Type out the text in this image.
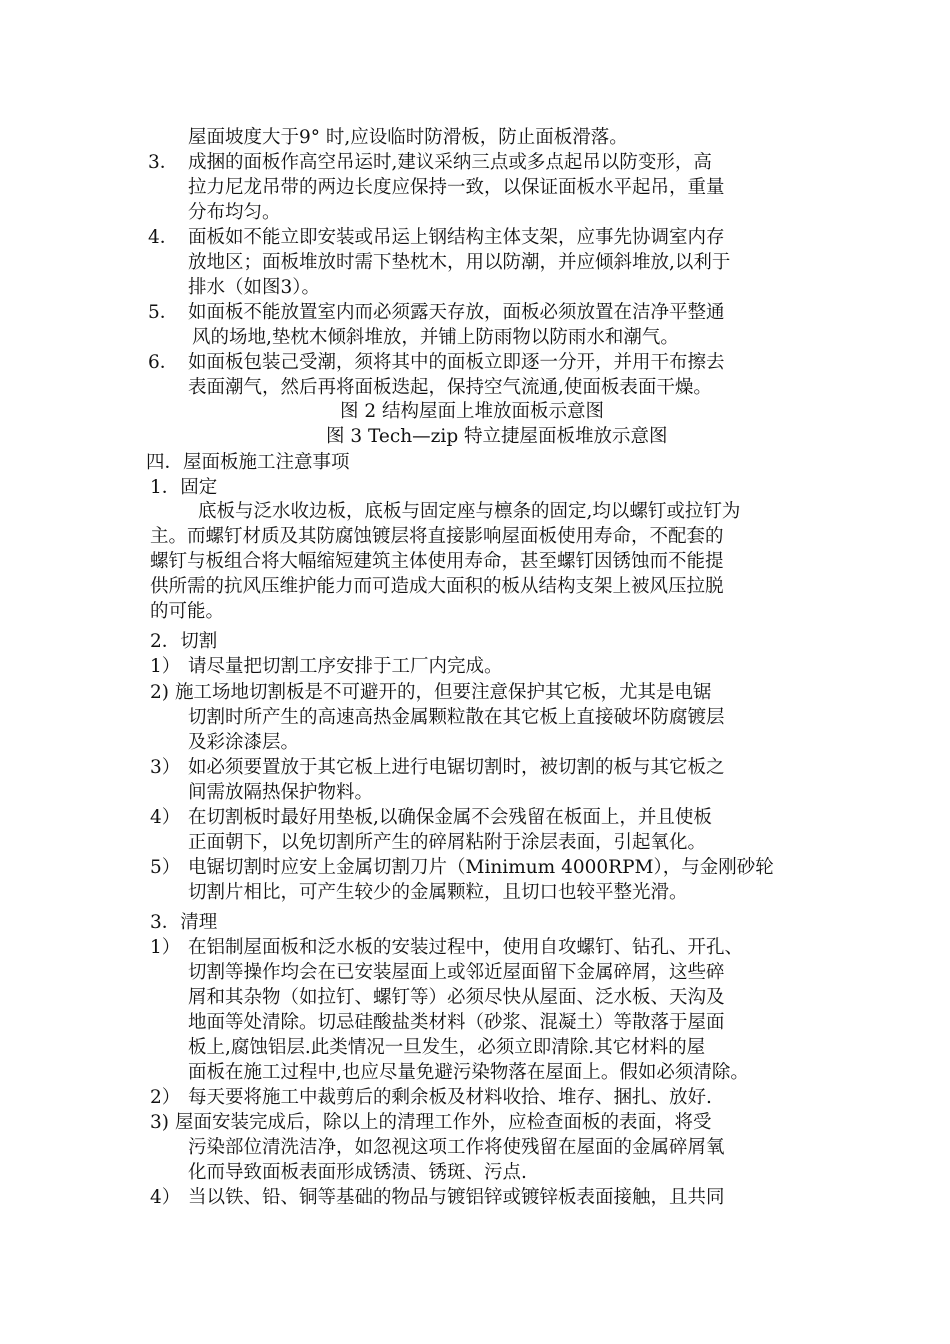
屋面坡度大于9° 时,应设临时防滑板，防止面板滑落。
3． 成捆的面板作高空吊运时,建议采纳三点或多点起吊以防变形，高
拉力尼龙吊带的两边长度应保持一致，以保证面板水平起吊，重量
分布均匀。
4． 面板如不能立即安装或吊运上钢结构主体支架，应事先协调室内存
放地区；面板堆放时需下垫枕木，用以防潮，并应倾斜堆放,以利于
排水（如图3）。
5． 如面板不能放置室内而必须露天存放，面板必须放置在洁净平整通
风的场地,垫枕木倾斜堆放，并铺上防雨物以防雨水和潮气。
6． 如面板包装己受潮，须将其中的面板立即逐一分开，并用干布擦去
表面潮气，然后再将面板迭起，保持空气流通,使面板表面干燥。
图 2 结构屋面上堆放面板示意图
图 3 Tech—zip 特立捷屋面板堆放示意图
四．屋面板施工注意事项
1．固定
底板与泛水收边板，底板与固定座与檩条的固定,均以螺钉或拉钉为
主。而螺钉材质及其防腐蚀镀层将直接影响屋面板使用寿命，不配套的
螺钉与板组合将大幅缩短建筑主体使用寿命，甚至螺钉因锈蚀而不能提
供所需的抗风压维护能力而可造成大面积的板从结构支架上被风压拉脱
的可能。
2．切割
1） 请尽量把切割工序安排于工厂内完成。
2) 施工场地切割板是不可避开的，但要注意保护其它板，尤其是电锯
切割时所产生的高速高热金属颗粒散在其它板上直接破坏防腐镀层
及彩涂漆层。
3） 如必须要置放于其它板上进行电锯切割时，被切割的板与其它板之
间需放隔热保护物料。
4） 在切割板时最好用垫板,以确保金属不会残留在板面上，并且使板
正面朝下，以免切割所产生的碎屑粘附于涂层表面，引起氧化。
5） 电锯切割时应安上金属切割刀片（Minimum 4000RPM），与金刚砂轮
切割片相比，可产生较少的金属颗粒，且切口也较平整光滑。
3．清理
1） 在铝制屋面板和泛水板的安装过程中，使用自攻螺钉、钻孔、开孔、
切割等操作均会在已安装屋面上或邻近屋面留下金属碎屑，这些碎
屑和其杂物（如拉钉、螺钉等）必须尽快从屋面、泛水板、天沟及
地面等处清除。切忌硅酸盐类材料（砂浆、混凝土）等散落于屋面
板上,腐蚀铝层.此类情况一旦发生，必须立即清除.其它材料的屋
面板在施工过程中,也应尽量免避污染物落在屋面上。假如必须清除。
2） 每天要将施工中裁剪后的剩余板及材料收拾、堆存、捆扎、放好.
3) 屋面安装完成后，除以上的清理工作外，应检查面板的表面，将受
污染部位清洗洁净，如忽视这项工作将使残留在屋面的金属碎屑氧
化而导致面板表面形成锈渍、锈斑、污点.
4） 当以铁、铅、铜等基础的物品与镀铝锌或镀锌板表面接触，且共同
